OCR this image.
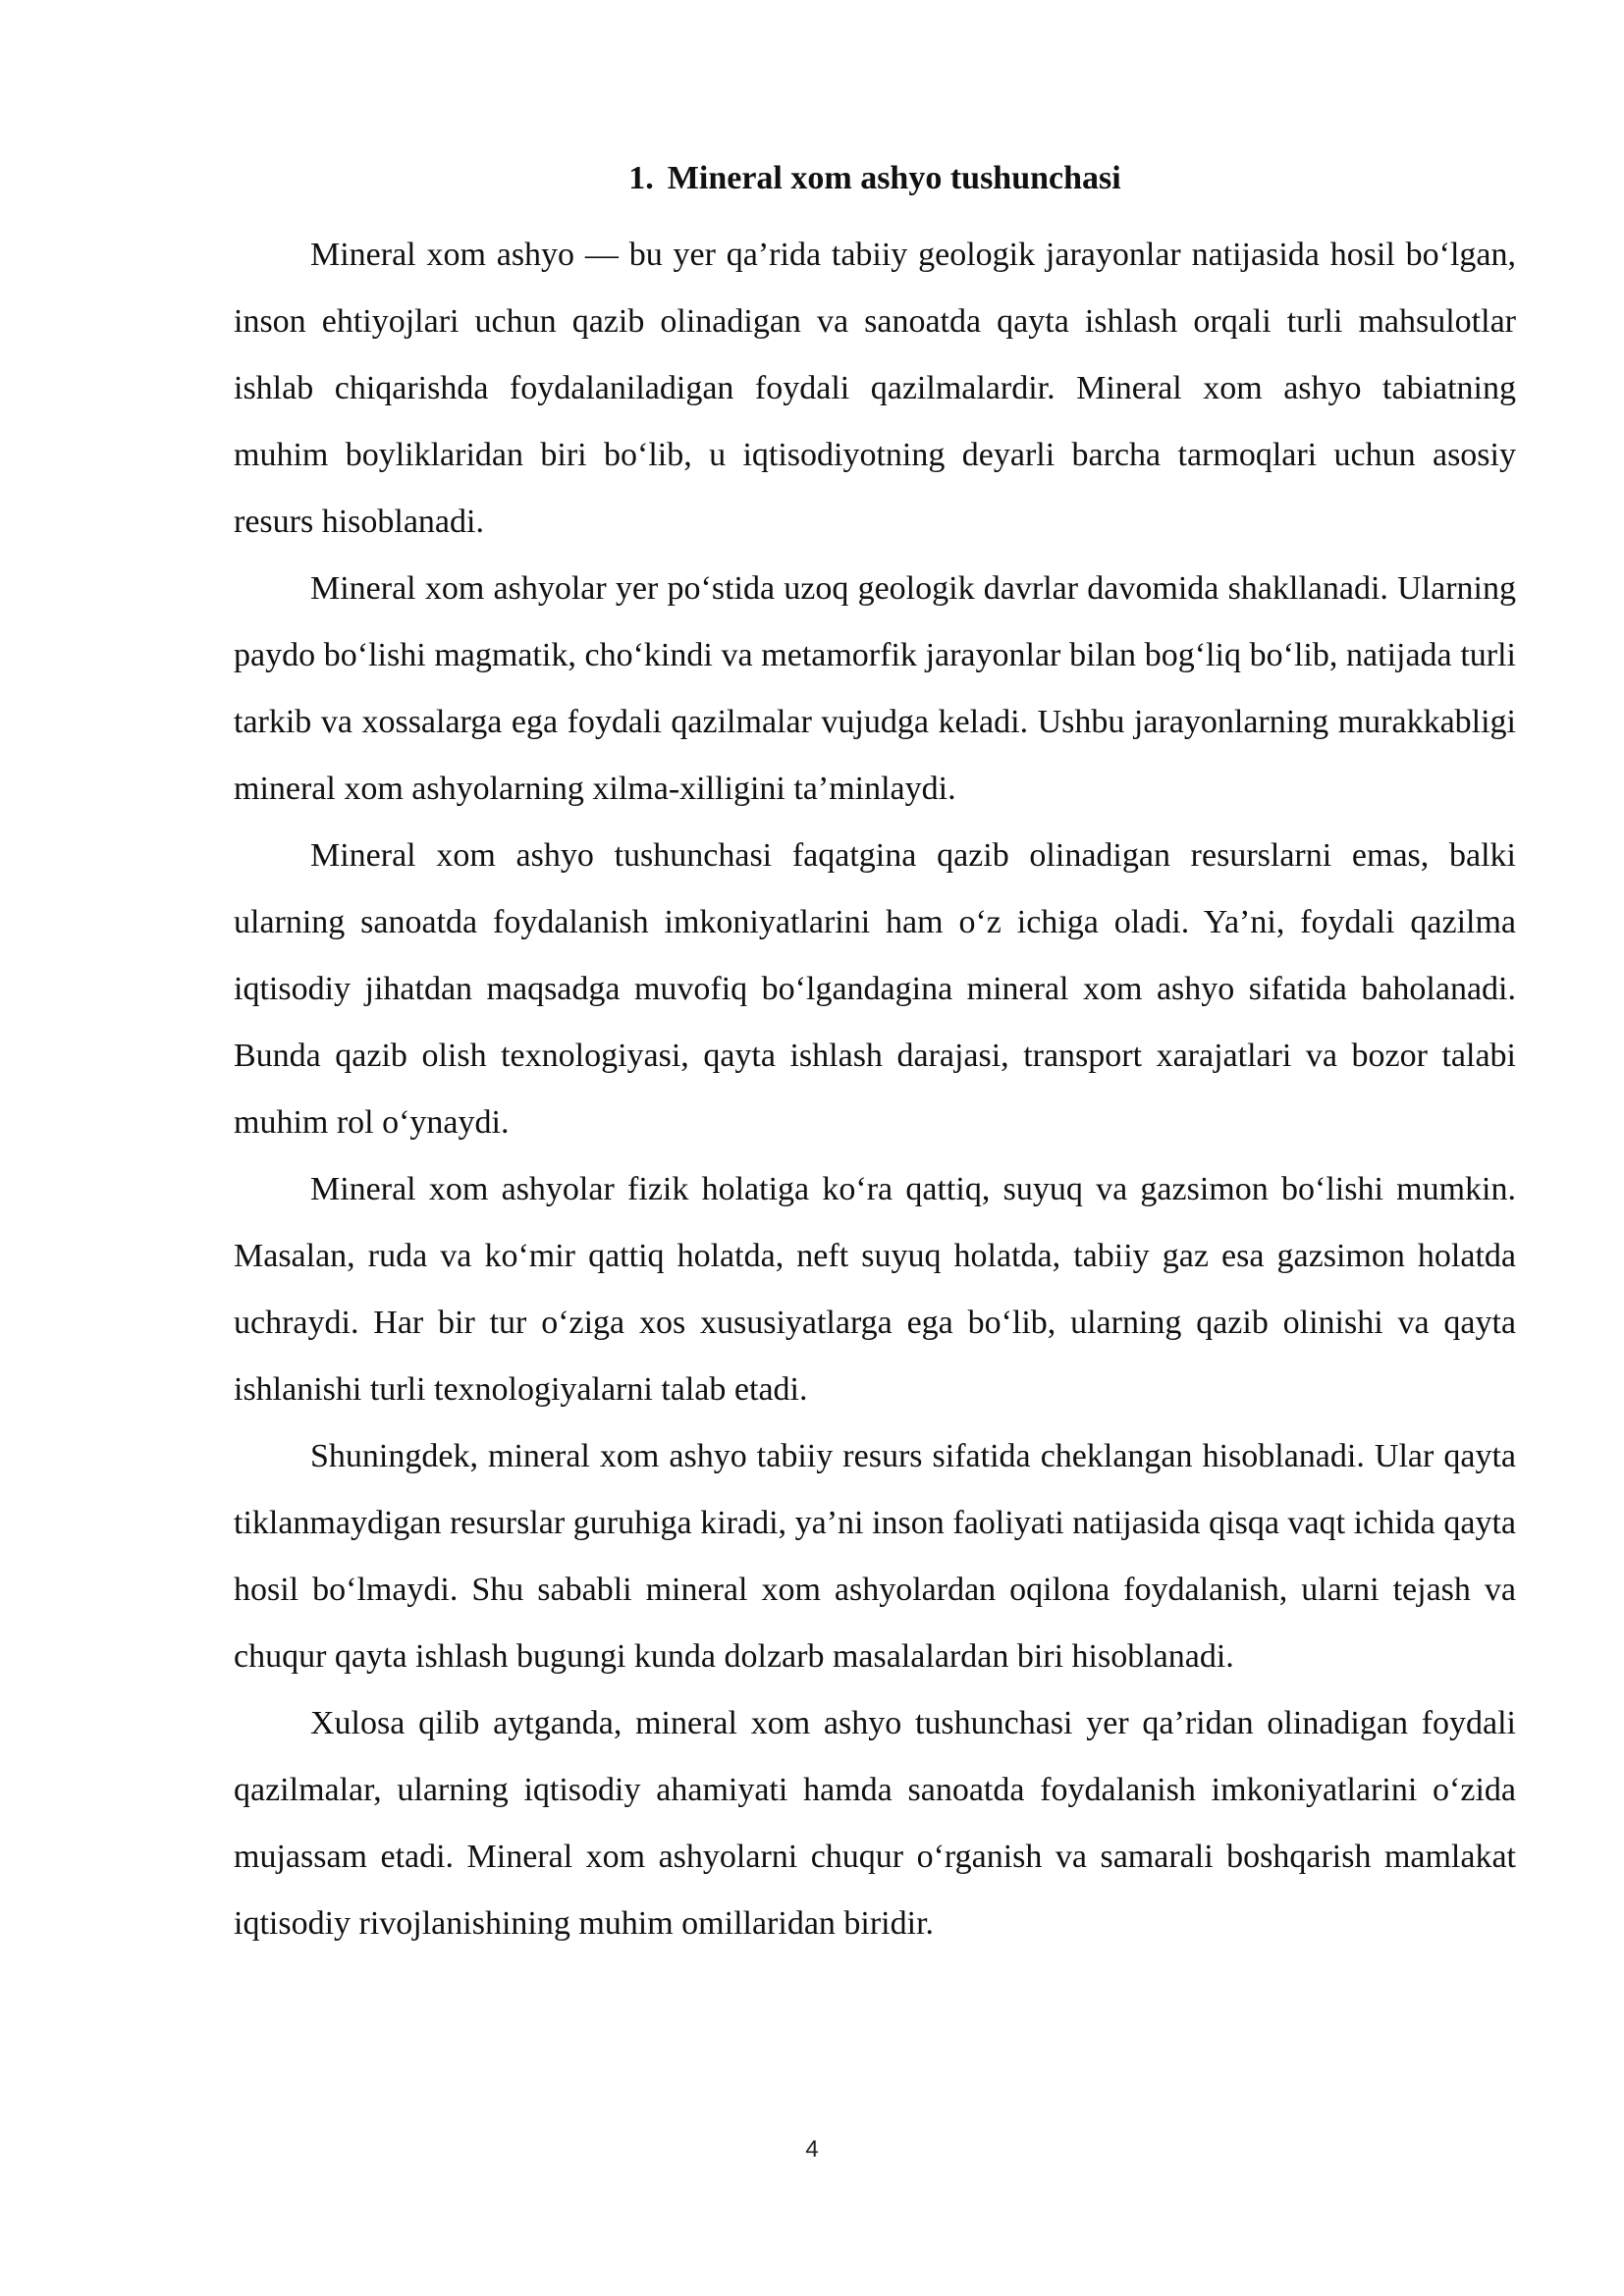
1. Mineral xom ashyo tushunchasi

Mineral xom ashyo — bu yer qa’rida tabiiy geologik jarayonlar natijasida hosil bo‘lgan, inson ehtiyojlari uchun qazib olinadigan va sanoatda qayta ishlash orqali turli mahsulotlar ishlab chiqarishda foydalaniladigan foydali qazilmalardir. Mineral xom ashyo tabiatning muhim boyliklaridan biri bo‘lib, u iqtisodiyotning deyarli barcha tarmoqlari uchun asosiy resurs hisoblanadi.

Mineral xom ashyolar yer po‘stida uzoq geologik davrlar davomida shakllanadi. Ularning paydo bo‘lishi magmatik, cho‘kindi va metamorfik jarayonlar bilan bog‘liq bo‘lib, natijada turli tarkib va xossalarga ega foydali qazilmalar vujudga keladi. Ushbu jarayonlarning murakkabligi mineral xom ashyolarning xilma-xilligini ta’minlaydi.

Mineral xom ashyo tushunchasi faqatgina qazib olinadigan resurslarni emas, balki ularning sanoatda foydalanish imkoniyatlarini ham o‘z ichiga oladi. Ya’ni, foydali qazilma iqtisodiy jihatdan maqsadga muvofiq bo‘lgandagina mineral xom ashyo sifatida baholanadi. Bunda qazib olish texnologiyasi, qayta ishlash darajasi, transport xarajatlari va bozor talabi muhim rol o‘ynaydi.

Mineral xom ashyolar fizik holatiga ko‘ra qattiq, suyuq va gazsimon bo‘lishi mumkin. Masalan, ruda va ko‘mir qattiq holatda, neft suyuq holatda, tabiiy gaz esa gazsimon holatda uchraydi. Har bir tur o‘ziga xos xususiyatlarga ega bo‘lib, ularning qazib olinishi va qayta ishlanishi turli texnologiyalarni talab etadi.

Shuningdek, mineral xom ashyo tabiiy resurs sifatida cheklangan hisoblanadi. Ular qayta tiklanmaydigan resurslar guruhiga kiradi, ya’ni inson faoliyati natijasida qisqa vaqt ichida qayta hosil bo‘lmaydi. Shu sababli mineral xom ashyolardan oqilona foydalanish, ularni tejash va chuqur qayta ishlash bugungi kunda dolzarb masalalardan biri hisoblanadi.

Xulosa qilib aytganda, mineral xom ashyo tushunchasi yer qa’ridan olinadigan foydali qazilmalar, ularning iqtisodiy ahamiyati hamda sanoatda foydalanish imkoniyatlarini o‘zida mujassam etadi. Mineral xom ashyolarni chuqur o‘rganish va samarali boshqarish mamlakat iqtisodiy rivojlanishining muhim omillaridan biridir.

4
